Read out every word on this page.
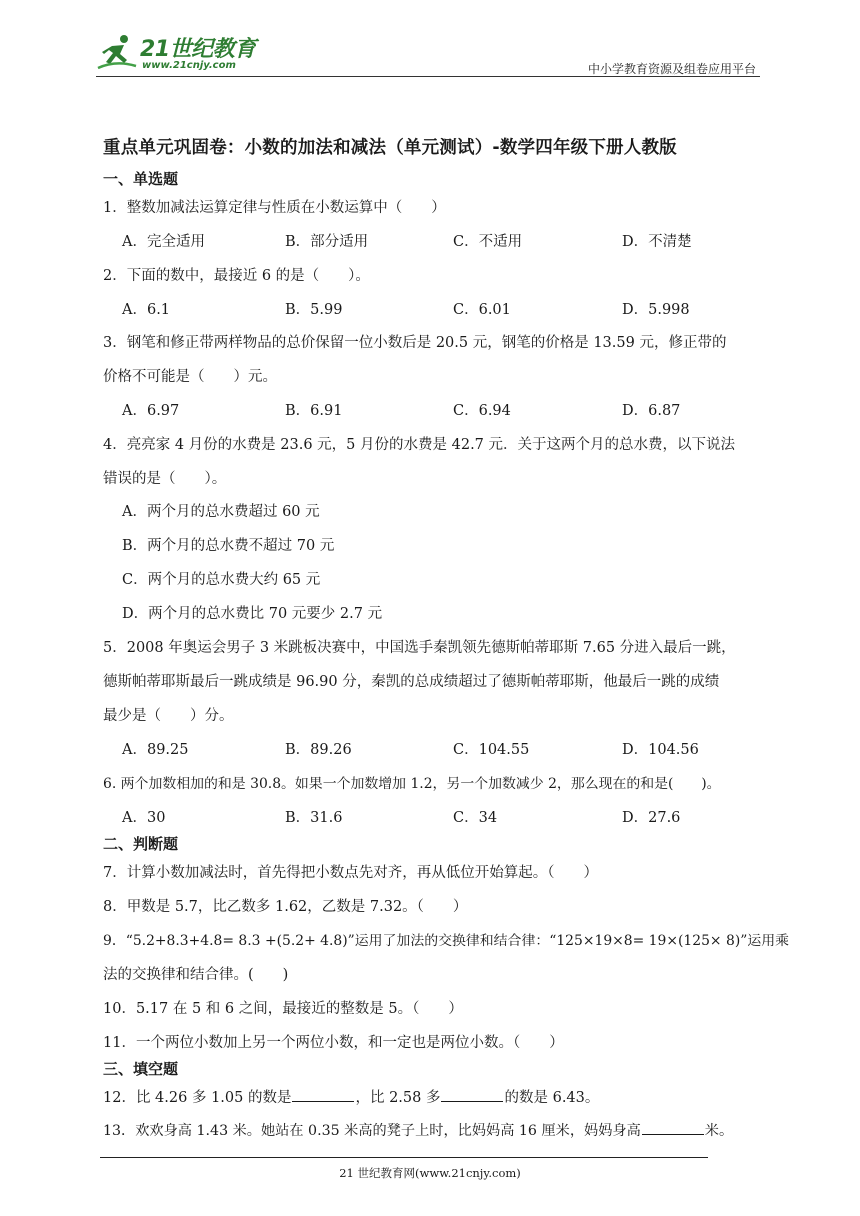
21世纪教育
www.21cnjy.com	中小学教育资源及组卷应用平台
重点单元巩固卷：小数的加法和减法（单元测试）-数学四年级下册人教版
一、单选题
1．整数加减法运算定律与性质在小数运算中（　　）
A．完全适用	B．部分适用	C．不适用	D．不清楚
2．下面的数中，最接近 6 的是（　　）。
A．6.1	B．5.99	C．6.01	D．5.998
3．钢笔和修正带两样物品的总价保留一位小数后是 20.5 元，钢笔的价格是 13.59 元，修正带的
价格不可能是（　　）元。
A．6.97	B．6.91	C．6.94	D．6.87
4．亮亮家 4 月份的水费是 23.6 元，5 月份的水费是 42.7 元．关于这两个月的总水费，以下说法
错误的是（　　）。
A．两个月的总水费超过 60 元
B．两个月的总水费不超过 70 元
C．两个月的总水费大约 65 元
D．两个月的总水费比 70 元要少 2.7 元
5．2008 年奥运会男子 3 米跳板决赛中，中国选手秦凯领先德斯帕蒂耶斯 7.65 分进入最后一跳，
德斯帕蒂耶斯最后一跳成绩是 96.90 分，秦凯的总成绩超过了德斯帕蒂耶斯，他最后一跳的成绩
最少是（　　）分。
A．89.25	B．89.26	C．104.55	D．104.56
6. 两个加数相加的和是 30.8。如果一个加数增加 1.2，另一个加数减少 2，那么现在的和是(　　)。
A．30	B．31.6	C．34	D．27.6
二、判断题
7．计算小数加减法时，首先得把小数点先对齐，再从低位开始算起。（　　）
8．甲数是 5.7，比乙数多 1.62，乙数是 7.32。（　　）
9．“5.2+8.3+4.8= 8.3 +(5.2+ 4.8)”运用了加法的交换律和结合律：“125×19×8= 19×(125× 8)”运用乘
法的交换律和结合律。(　　)
10．5.17 在 5 和 6 之间，最接近的整数是 5。（　　）
11．一个两位小数加上另一个两位小数，和一定也是两位小数。（　　）
三、填空题
12．比 4.26 多 1.05 的数是	，比 2.58 多	的数是 6.43。
13．欢欢身高 1.43 米。她站在 0.35 米高的凳子上时，比妈妈高 16 厘米，妈妈身高	米。
21 世纪教育网(www.21cnjy.com)
